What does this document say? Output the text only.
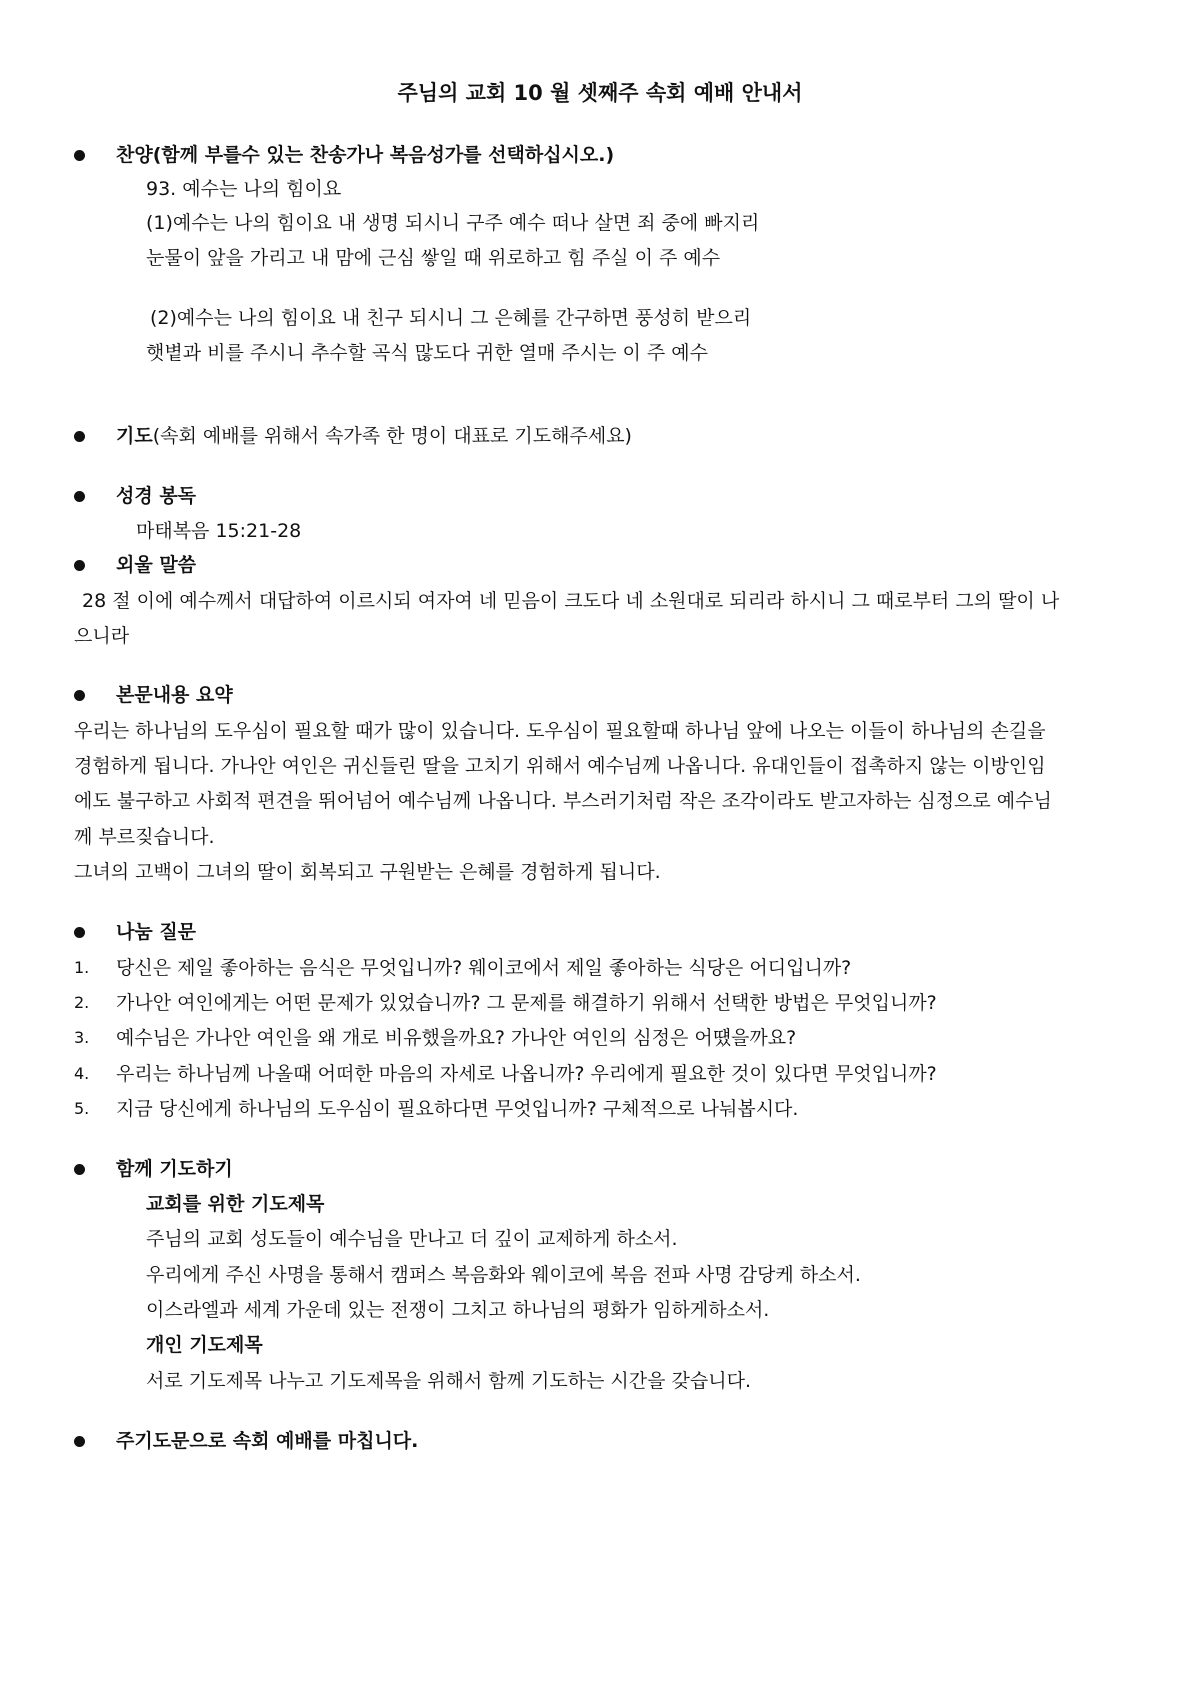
주님의 교회 10 월 셋째주 속회 예배 안내서
찬양(함께 부를수 있는 찬송가나 복음성가를 선택하십시오.)
93. 예수는 나의 힘이요
(1)예수는 나의 힘이요 내 생명 되시니 구주 예수 떠나 살면 죄 중에 빠지리
눈물이 앞을 가리고 내 맘에 근심 쌓일 때 위로하고 힘 주실 이 주 예수
(2)예수는 나의 힘이요 내 친구 되시니 그 은혜를 간구하면 풍성히 받으리
햇볕과 비를 주시니 추수할 곡식 많도다 귀한 열매 주시는 이 주 예수
기도(속회 예배를 위해서 속가족 한 명이 대표로 기도해주세요)
성경 봉독
마태복음 15:21-28
외울 말씀
28 절 이에 예수께서 대답하여 이르시되 여자여 네 믿음이 크도다 네 소원대로 되리라 하시니 그 때로부터 그의 딸이 나
으니라
본문내용 요약
우리는 하나님의 도우심이 필요할 때가 많이 있습니다. 도우심이 필요할때 하나님 앞에 나오는 이들이 하나님의 손길을
경험하게 됩니다. 가나안 여인은 귀신들린 딸을 고치기 위해서 예수님께 나옵니다. 유대인들이 접촉하지 않는 이방인임
에도 불구하고 사회적 편견을 뛰어넘어 예수님께 나옵니다. 부스러기처럼 작은 조각이라도 받고자하는 심정으로 예수님
께 부르짖습니다.
그녀의 고백이 그녀의 딸이 회복되고 구원받는 은혜를 경험하게 됩니다.
나눔 질문
1. 당신은 제일 좋아하는 음식은 무엇입니까? 웨이코에서 제일 좋아하는 식당은 어디입니까?
2. 가나안 여인에게는 어떤 문제가 있었습니까? 그 문제를 해결하기 위해서 선택한 방법은 무엇입니까?
3. 예수님은 가나안 여인을 왜 개로 비유했을까요? 가나안 여인의 심정은 어떘을까요?
4. 우리는 하나님께 나올때 어떠한 마음의 자세로 나옵니까? 우리에게 필요한 것이 있다면 무엇입니까?
5. 지금 당신에게 하나님의 도우심이 필요하다면 무엇입니까? 구체적으로 나눠봅시다.
함께 기도하기
교회를 위한 기도제목
주님의 교회 성도들이 예수님을 만나고 더 깊이 교제하게 하소서.
우리에게 주신 사명을 통해서 캠퍼스 복음화와 웨이코에 복음 전파 사명 감당케 하소서.
이스라엘과 세계 가운데 있는 전쟁이 그치고 하나님의 평화가 임하게하소서.
개인 기도제목
서로 기도제목 나누고 기도제목을 위해서 함께 기도하는 시간을 갖습니다.
주기도문으로 속회 예배를 마칩니다.
